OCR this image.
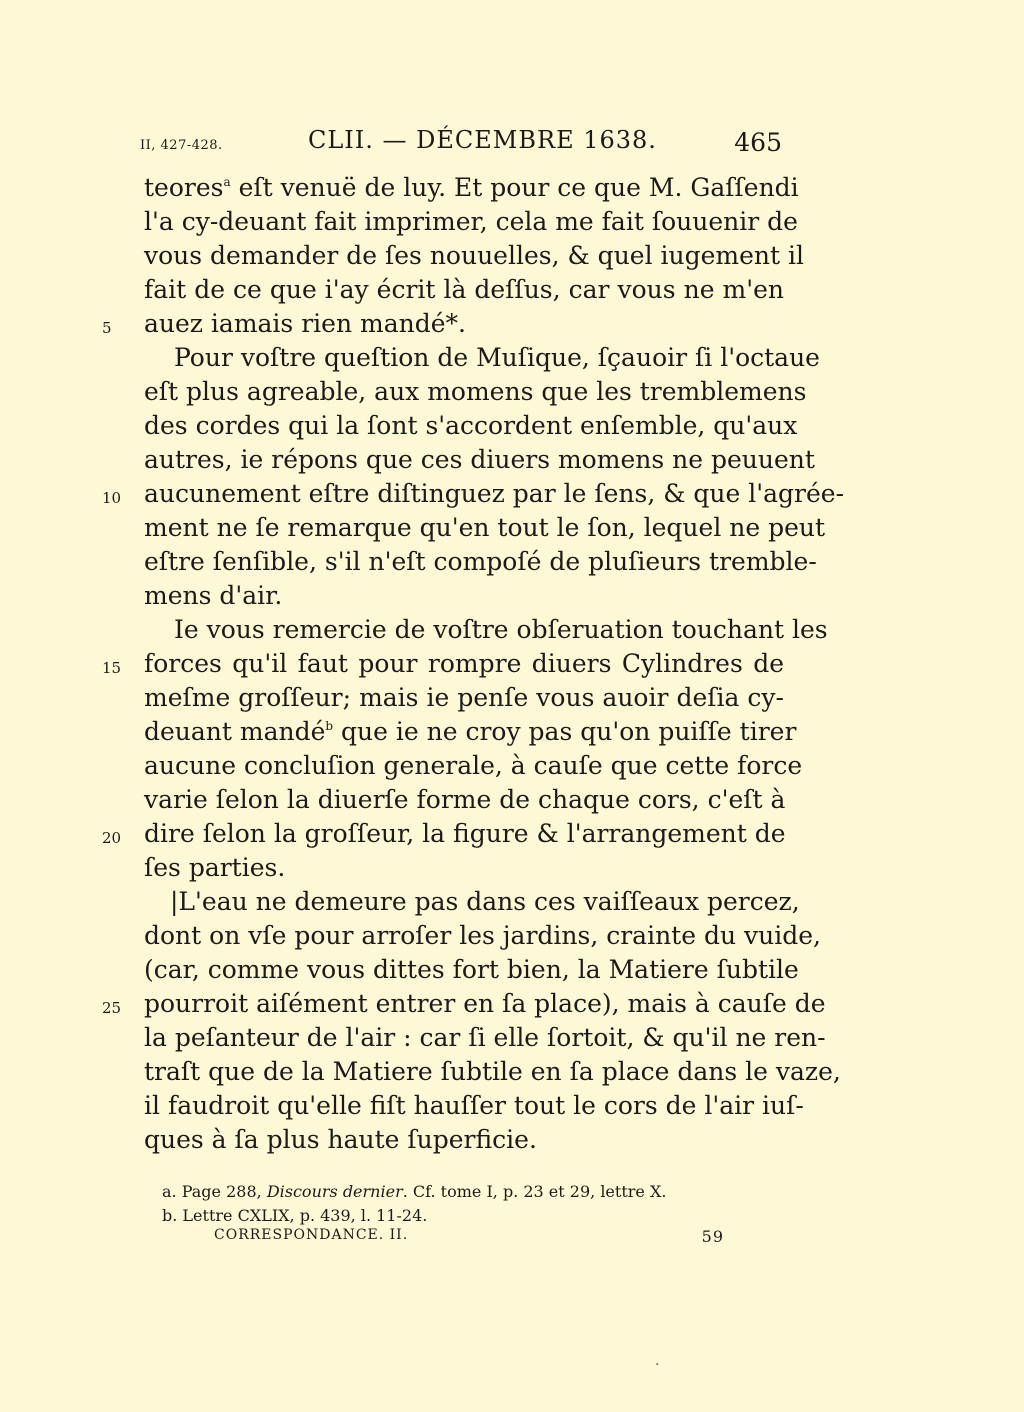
II, 427-428.	CLII. — DÉCEMBRE 1638.	465
teores$^a$ eſt venuë de luy. Et pour ce que M. Gaſſendi
l'a cy-deuant fait imprimer, cela me fait ſouuenir de
vous demander de ſes nouuelles, & quel iugement il
fait de ce que i'ay écrit là deſſus, car vous ne m'en
5	auez iamais rien mandé*.
Pour voſtre queſtion de Muſique, ſçauoir ſi l'octaue
eſt plus agreable, aux momens que les tremblemens
des cordes qui la ſont s'accordent enſemble, qu'aux
autres, ie répons que ces diuers momens ne peuuent
10 aucunement eſtre diſtinguez par le ſens, & que l'agrée-
ment ne ſe remarque qu'en tout le ſon, lequel ne peut
eſtre ſenſible, s'il n'eſt compoſé de pluſieurs tremble-
mens d'air.
Ie vous remercie de voſtre obſeruation touchant les
15 forces qu'il faut pour rompre diuers Cylindres de
meſme groſſeur; mais ie penſe vous auoir deſia cy-
deuant mandé$^b$ que ie ne croy pas qu'on puiſſe tirer
aucune concluſion generale, à cauſe que cette force
varie ſelon la diuerſe forme de chaque cors, c'eſt à
20 dire ſelon la groſſeur, la figure & l'arrangement de
ſes parties.
|L'eau ne demeure pas dans ces vaiſſeaux percez,
dont on vſe pour arroſer les jardins, crainte du vuide,
(car, comme vous dittes fort bien, la Matiere ſubtile
25 pourroit aiſément entrer en ſa place), mais à cauſe de
la peſanteur de l'air : car ſi elle ſortoit, & qu'il ne ren-
traſt que de la Matiere ſubtile en ſa place dans le vaze,
il faudroit qu'elle fiſt hauſſer tout le cors de l'air iuſ-
ques à ſa plus haute ſuperficie.
a. Page 288, Discours dernier. Cf. tome I, p. 23 et 29, lettre X.
b. Lettre CXLIX, p. 439, l. 11-24.
CORRESPONDANCE. II.	59
·
